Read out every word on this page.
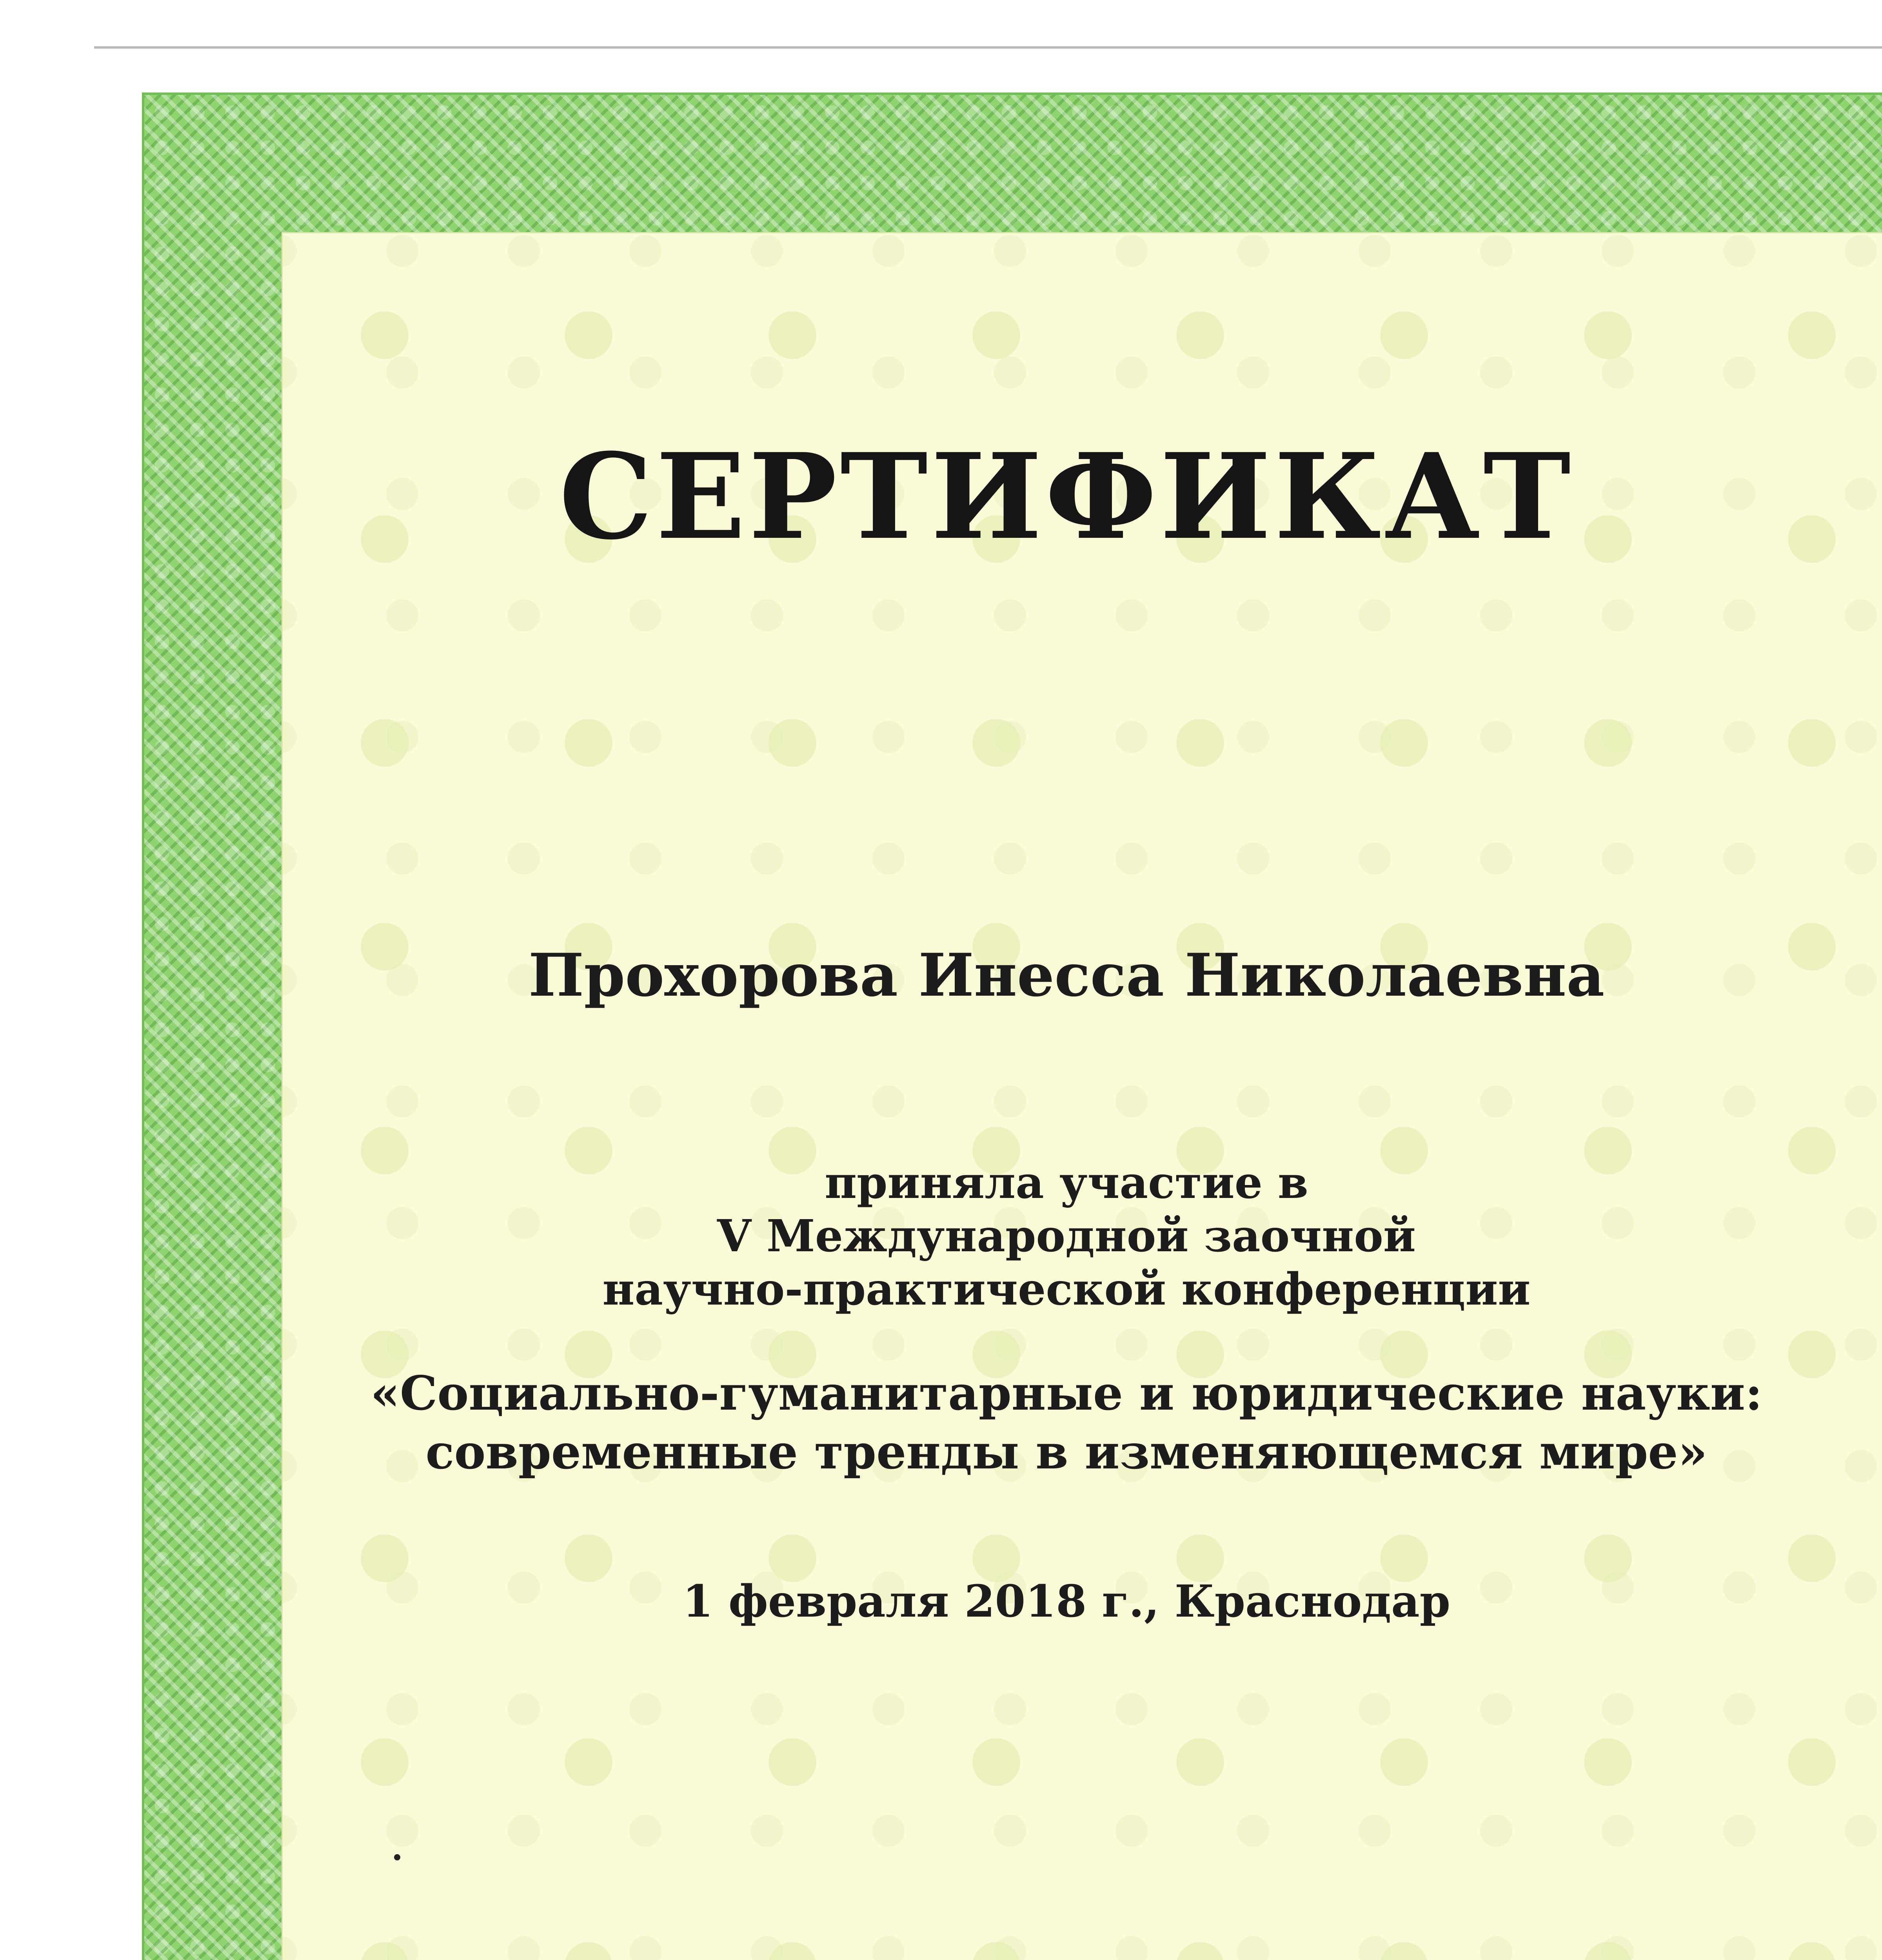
СЕРТИФИКАТ
Прохорова Инесса Николаевна
приняла участие в
V Международной заочной
научно-практической конференции
«Социально-гуманитарные и юридические науки:
современные тренды в изменяющемся мире»
1 февраля 2018 г., Краснодар
